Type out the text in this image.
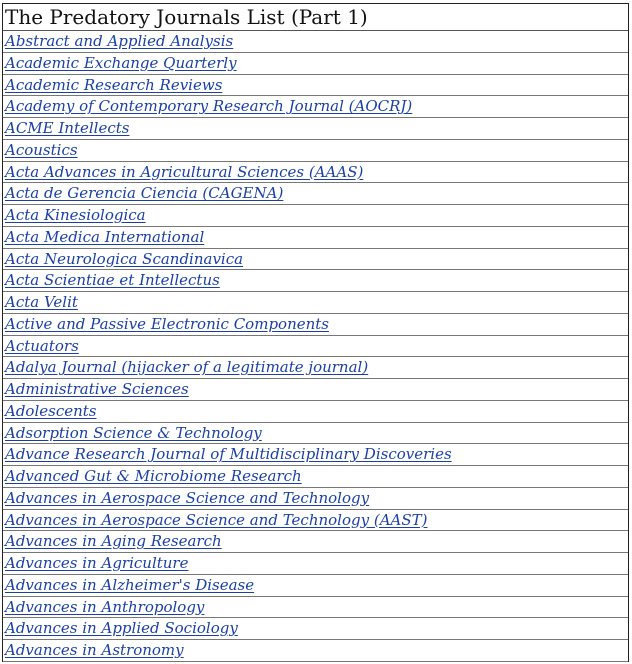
The Predatory Journals List (Part 1)
Abstract and Applied Analysis
Academic Exchange Quarterly
Academic Research Reviews
Academy of Contemporary Research Journal (AOCRJ)
ACME Intellects
Acoustics
Acta Advances in Agricultural Sciences (AAAS)
Acta de Gerencia Ciencia (CAGENA)
Acta Kinesiologica
Acta Medica International
Acta Neurologica Scandinavica
Acta Scientiae et Intellectus
Acta Velit
Active and Passive Electronic Components
Actuators
Adalya Journal (hijacker of a legitimate journal)
Administrative Sciences
Adolescents
Adsorption Science & Technology
Advance Research Journal of Multidisciplinary Discoveries
Advanced Gut & Microbiome Research
Advances in Aerospace Science and Technology
Advances in Aerospace Science and Technology (AAST)
Advances in Aging Research
Advances in Agriculture
Advances in Alzheimer's Disease
Advances in Anthropology
Advances in Applied Sociology
Advances in Astronomy
